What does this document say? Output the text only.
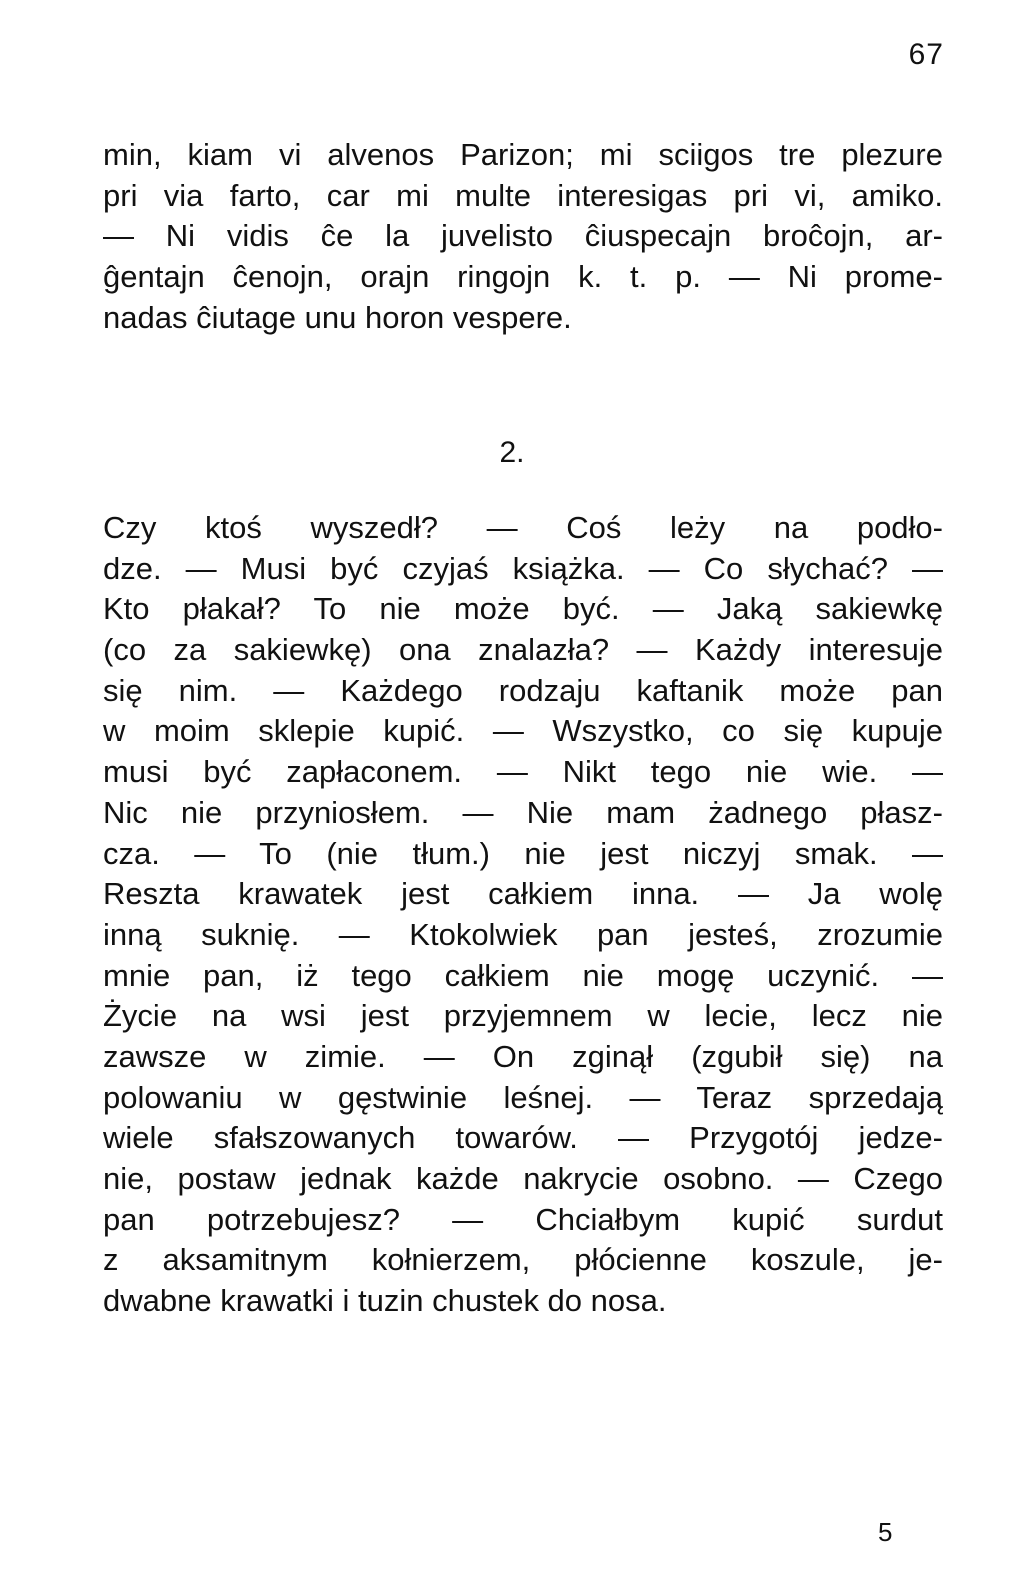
67
min, kiam vi alvenos Parizon; mi sciigos tre plezure
pri via farto, car mi multe interesigas pri vi, amiko.
— Ni vidis ĉe la juvelisto ĉiuspecajn broĉojn, ar-
ĝentajn ĉenojn, orajn ringojn k. t. p. — Ni prome-
nadas ĉiutage unu horon vespere.
2.
Czy ktoś wyszedł? — Coś leży na podło-
dze. — Musi być czyjaś książka. — Co słychać? —
Kto płakał? To nie może być. — Jaką sakiewkę
(co za sakiewkę) ona znalazła? — Każdy interesuje
się nim. — Każdego rodzaju kaftanik może pan
w moim sklepie kupić. — Wszystko, co się kupuje
musi być zapłaconem. — Nikt tego nie wie. —
Nic nie przyniosłem. — Nie mam żadnego płasz-
cza. — To (nie tłum.) nie jest niczyj smak. —
Reszta krawatek jest całkiem inna. — Ja wolę
inną suknię. — Ktokolwiek pan jesteś, zrozumie
mnie pan, iż tego całkiem nie mogę uczynić. —
Życie na wsi jest przyjemnem w lecie, lecz nie
zawsze w zimie. — On zginął (zgubił się) na
polowaniu w gęstwinie leśnej. — Teraz sprzedają
wiele sfałszowanych towarów. — Przygotój jedze-
nie, postaw jednak każde nakrycie osobno. — Czego
pan potrzebujesz? — Chciałbym kupić surdut
z aksamitnym kołnierzem, płócienne koszule, je-
dwabne krawatki i tuzin chustek do nosa.
5
